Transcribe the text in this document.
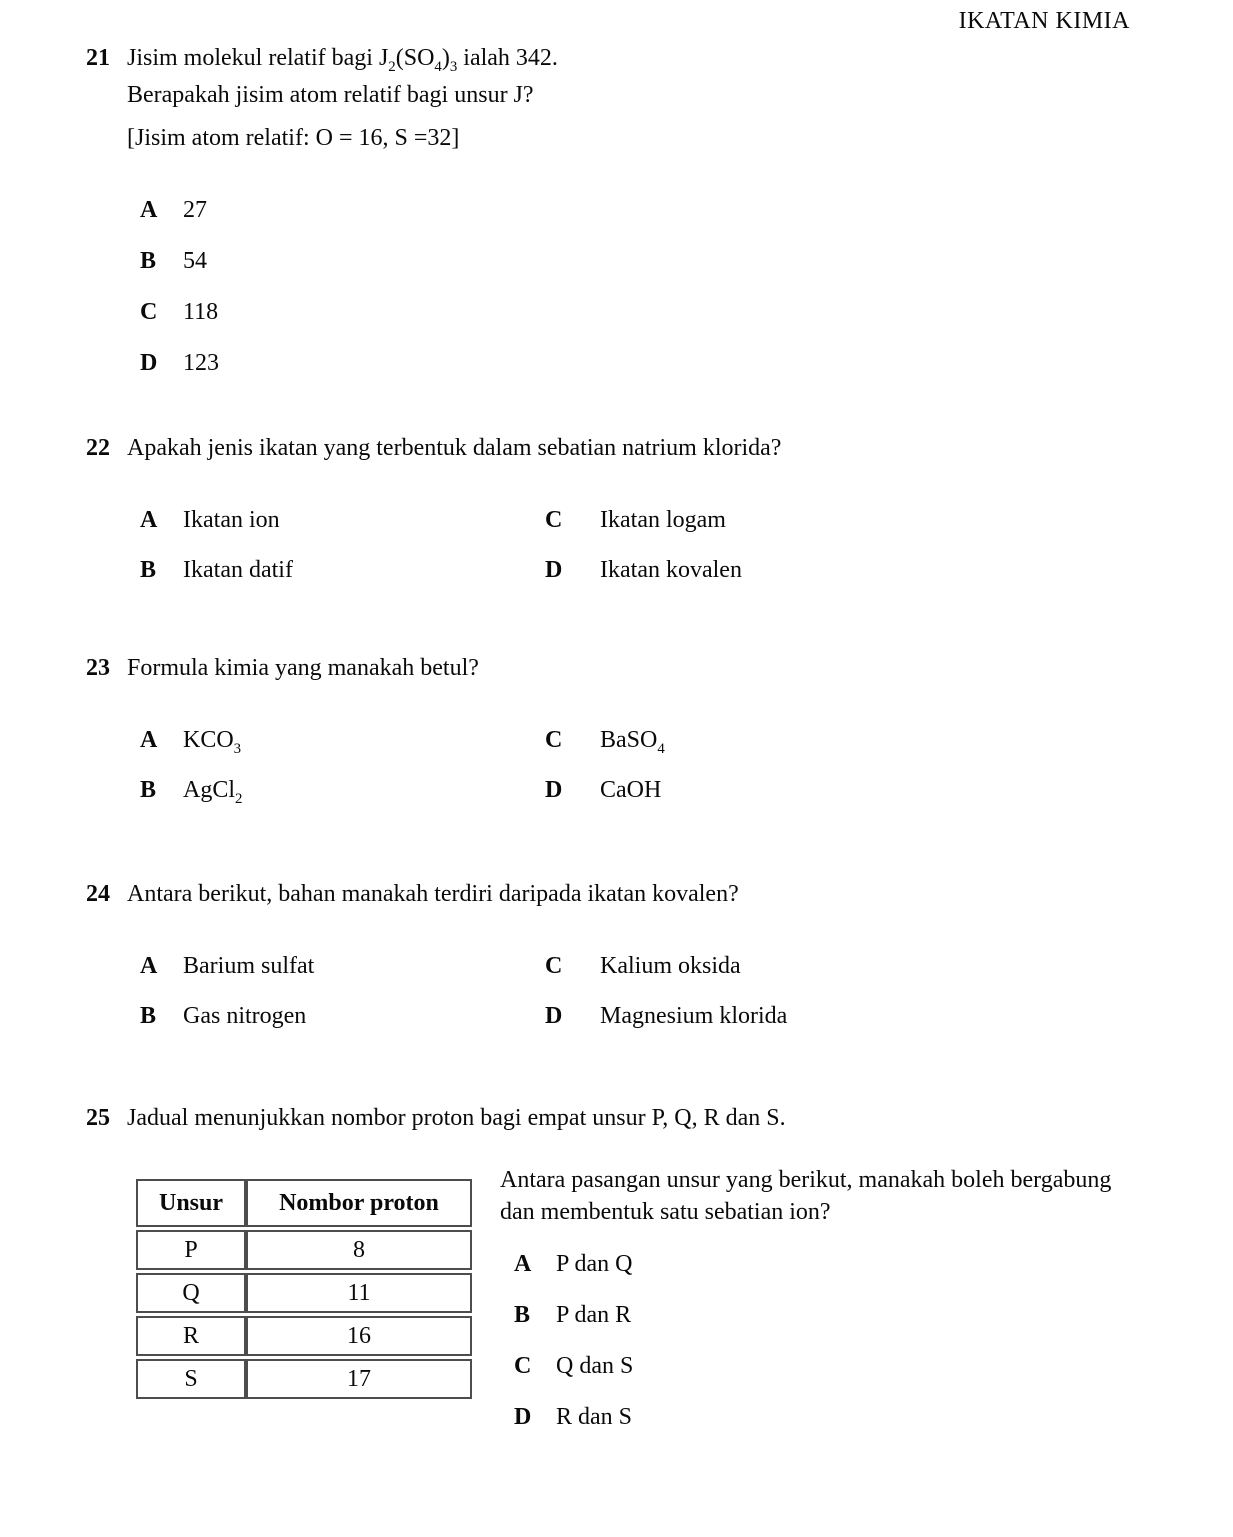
IKATAN KIMIA
21 Jisim molekul relatif bagi $J_2(SO_4)_3$ ialah 342.
Berapakah jisim atom relatif bagi unsur J?
[Jisim atom relatif: O = 16, S =32]
A	27
B	54
C	118
D	123
22 Apakah jenis ikatan yang terbentuk dalam sebatian natrium klorida?
A	Ikatan ion	C	Ikatan logam
B	Ikatan datif	D	Ikatan kovalen
23 Formula kimia yang manakah betul?
A	$KCO_3$	C	BaSO$_4$
B	AgCl$_2$	D	CaOH
24 Antara berikut, bahan manakah terdiri daripada ikatan kovalen?
A	Barium sulfat	C	Kalium oksida
B	Gas nitrogen	D	Magnesium klorida
25 Jadual menunjukkan nombor proton bagi empat unsur P, Q, R dan S.
Unsur	Nombor proton
P	8
Q	11
R	16
S	17
Antara pasangan unsur yang berikut, manakah boleh bergabung dan membentuk satu sebatian ion?
A	P dan Q
B	P dan R
C	Q dan S
D	R dan S
